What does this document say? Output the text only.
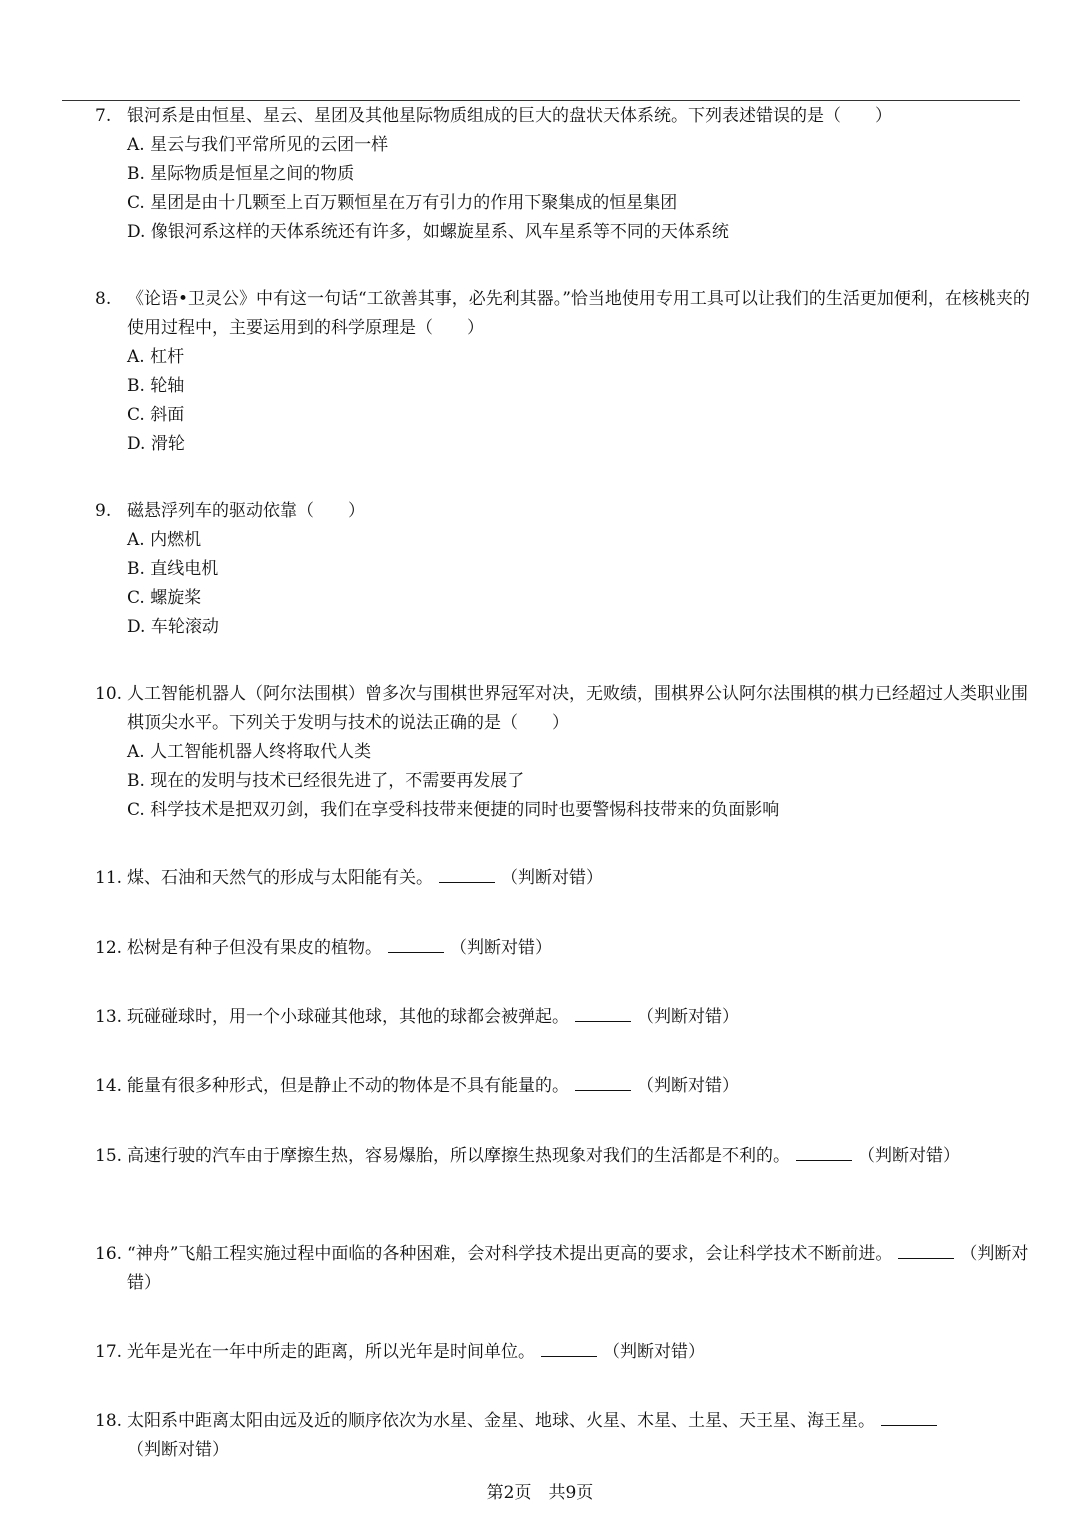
7. 银河系是由恒星、星云、星团及其他星际物质组成的巨大的盘状天体系统。下列表述错误的是（　　）
A. 星云与我们平常所见的云团一样
B. 星际物质是恒星之间的物质
C. 星团是由十几颗至上百万颗恒星在万有引力的作用下聚集成的恒星集团
D. 像银河系这样的天体系统还有许多，如螺旋星系、风车星系等不同的天体系统
8. 《论语•卫灵公》中有这一句话“工欲善其事，必先利其器。”恰当地使用专用工具可以让我们的生活更加便利，在核桃夹的使用过程中，主要运用到的科学原理是（　　）
A. 杠杆
B. 轮轴
C. 斜面
D. 滑轮
9. 磁悬浮列车的驱动依靠（　　）
A. 内燃机
B. 直线电机
C. 螺旋桨
D. 车轮滚动
10. 人工智能机器人（阿尔法围棋）曾多次与围棋世界冠军对决，无败绩，围棋界公认阿尔法围棋的棋力已经超过人类职业围棋顶尖水平。下列关于发明与技术的说法正确的是（　　）
A. 人工智能机器人终将取代人类
B. 现在的发明与技术已经很先进了，不需要再发展了
C. 科学技术是把双刃剑，我们在享受科技带来便捷的同时也要警惕科技带来的负面影响
11. 煤、石油和天然气的形成与太阳能有关。	（判断对错）
12. 松树是有种子但没有果皮的植物。	（判断对错）
13. 玩碰碰球时，用一个小球碰其他球，其他的球都会被弹起。	（判断对错）
14. 能量有很多种形式，但是静止不动的物体是不具有能量的。	（判断对错）
15. 高速行驶的汽车由于摩擦生热，容易爆胎，所以摩擦生热现象对我们的生活都是不利的。	（判断对错）
16. “神舟”飞船工程实施过程中面临的各种困难，会对科学技术提出更高的要求，会让科学技术不断前进。	（判断对错）
17. 光年是光在一年中所走的距离，所以光年是时间单位。	（判断对错）
18. 太阳系中距离太阳由远及近的顺序依次为水星、金星、地球、火星、木星、土星、天王星、海王星。（判断对错）
第2页　共9页
